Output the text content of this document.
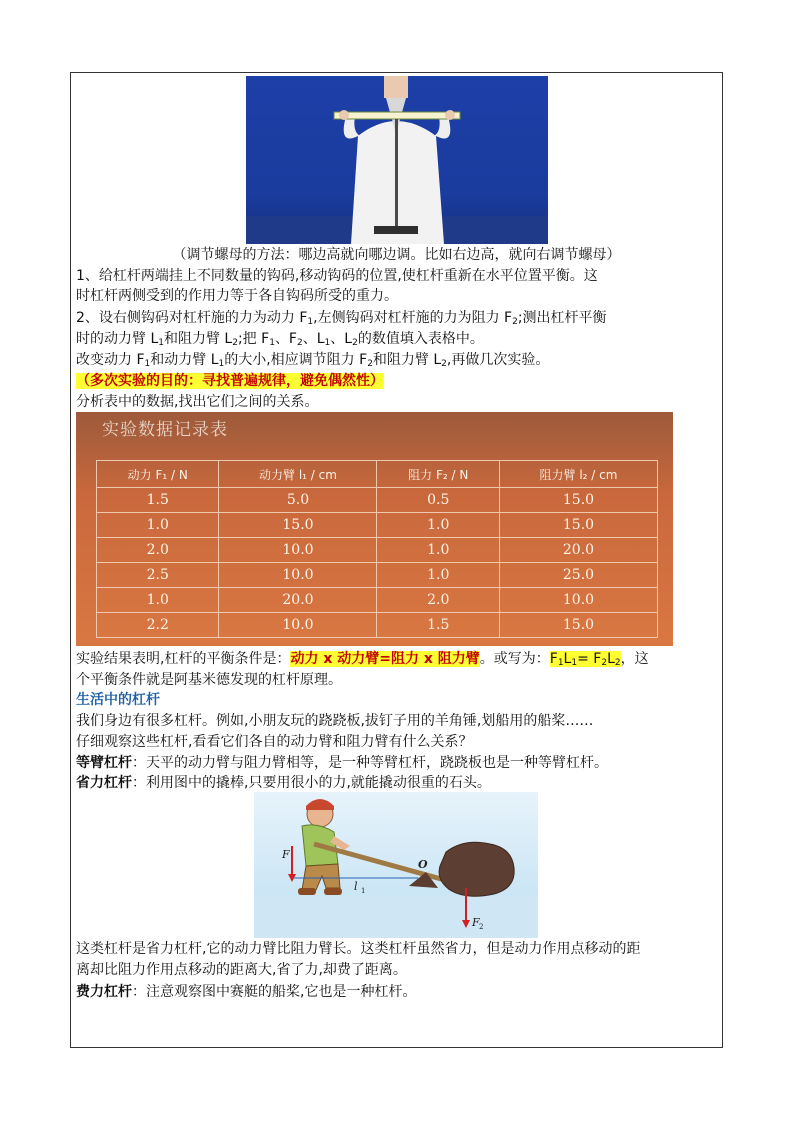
（调节螺母的方法：哪边高就向哪边调。比如右边高，就向右调节螺母）
1、给杠杆两端挂上不同数量的钩码,移动钩码的位置,使杠杆重新在水平位置平衡。这
时杠杆两侧受到的作用力等于各自钩码所受的重力。
2、设右侧钩码对杠杆施的力为动力 $F_1$,左侧钩码对杠杆施的力为阻力 $F_2$;测出杠杆平衡
时的动力臂 $L_1$和阻力臂 $L_2$;把 $F_1$、$F_2$、$L_1$、$L_2$的数值填入表格中。
改变动力 $F_1$和动力臂 $L_1$的大小,相应调节阻力 $F_2$和阻力臂 $L_2$,再做几次实验。
（多次实验的目的：寻找普遍规律，避免偶然性）
分析表中的数据,找出它们之间的关系。
实验数据记录表
动力 F₁ / N	动力臂 l₁ / cm	阻力 F₂ / N	阻力臂 l₂ / cm
1.5	5.0	0.5	15.0
1.0	15.0	1.0	15.0
2.0	10.0	1.0	20.0
2.5	10.0	1.0	25.0
1.0	20.0	2.0	10.0
2.2	10.0	1.5	15.0
实验结果表明,杠杆的平衡条件是：动力 x 动力臂=阻力 x 阻力臂。或写为：$F_1L_1= F_2L_2$，这
个平衡条件就是阿基米德发现的杠杆原理。
生活中的杠杆
我们身边有很多杠杆。例如,小朋友玩的跷跷板,拔钉子用的羊角锤,划船用的船桨……
仔细观察这些杠杆,看看它们各自的动力臂和阻力臂有什么关系？
等臂杠杆：天平的动力臂与阻力臂相等，是一种等臂杠杆，跷跷板也是一种等臂杠杆。
省力杠杆：利用图中的撬棒,只要用很小的力,就能撬动很重的石头。
F
l 1
O
F 2
这类杠杆是省力杠杆,它的动力臂比阻力臂长。这类杠杆虽然省力，但是动力作用点移动的距
离却比阻力作用点移动的距离大,省了力,却费了距离。
费力杠杆：注意观察图中赛艇的船桨,它也是一种杠杆。
